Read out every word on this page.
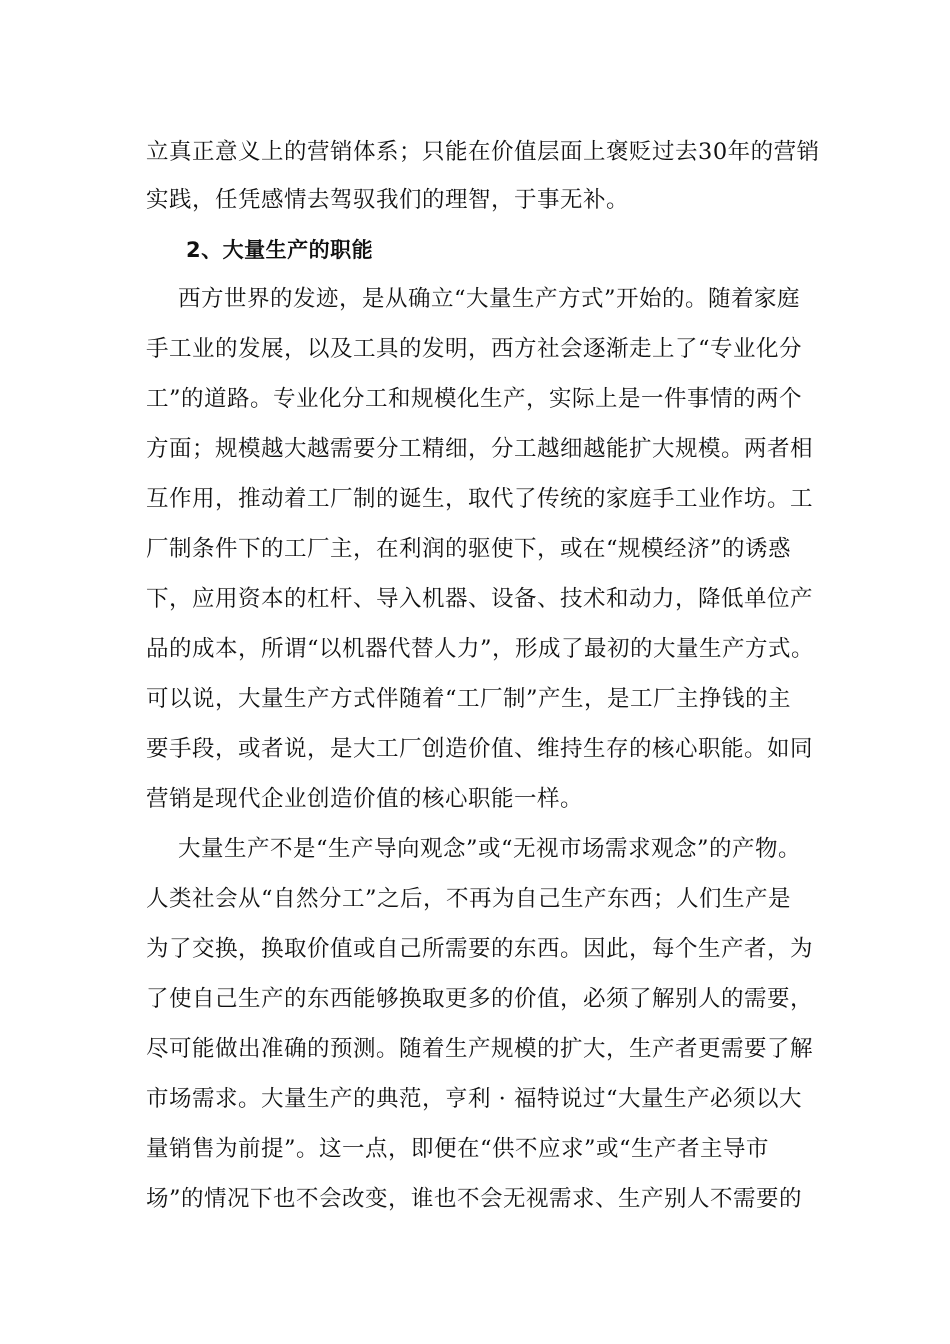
立真正意义上的营销体系；只能在价值层面上褒贬过去30年的营销
实践，任凭感情去驾驭我们的理智，于事无补。
2、大量生产的职能
西方世界的发迹，是从确立“大量生产方式”开始的。随着家庭
手工业的发展，以及工具的发明，西方社会逐渐走上了“专业化分
工”的道路。专业化分工和规模化生产，实际上是一件事情的两个
方面；规模越大越需要分工精细，分工越细越能扩大规模。两者相
互作用，推动着工厂制的诞生，取代了传统的家庭手工业作坊。工
厂制条件下的工厂主，在利润的驱使下，或在“规模经济”的诱惑
下，应用资本的杠杆、导入机器、设备、技术和动力，降低单位产
品的成本，所谓“以机器代替人力”，形成了最初的大量生产方式。
可以说，大量生产方式伴随着“工厂制”产生，是工厂主挣钱的主
要手段，或者说，是大工厂创造价值、维持生存的核心职能。如同
营销是现代企业创造价值的核心职能一样。
大量生产不是“生产导向观念”或“无视市场需求观念”的产物。
人类社会从“自然分工”之后，不再为自己生产东西；人们生产是
为了交换，换取价值或自己所需要的东西。因此，每个生产者，为
了使自己生产的东西能够换取更多的价值，必须了解别人的需要，
尽可能做出准确的预测。随着生产规模的扩大，生产者更需要了解
市场需求。大量生产的典范，亨利 · 福特说过“大量生产必须以大
量销售为前提”。这一点，即便在“供不应求”或“生产者主导市
场”的情况下也不会改变，谁也不会无视需求、生产别人不需要的
